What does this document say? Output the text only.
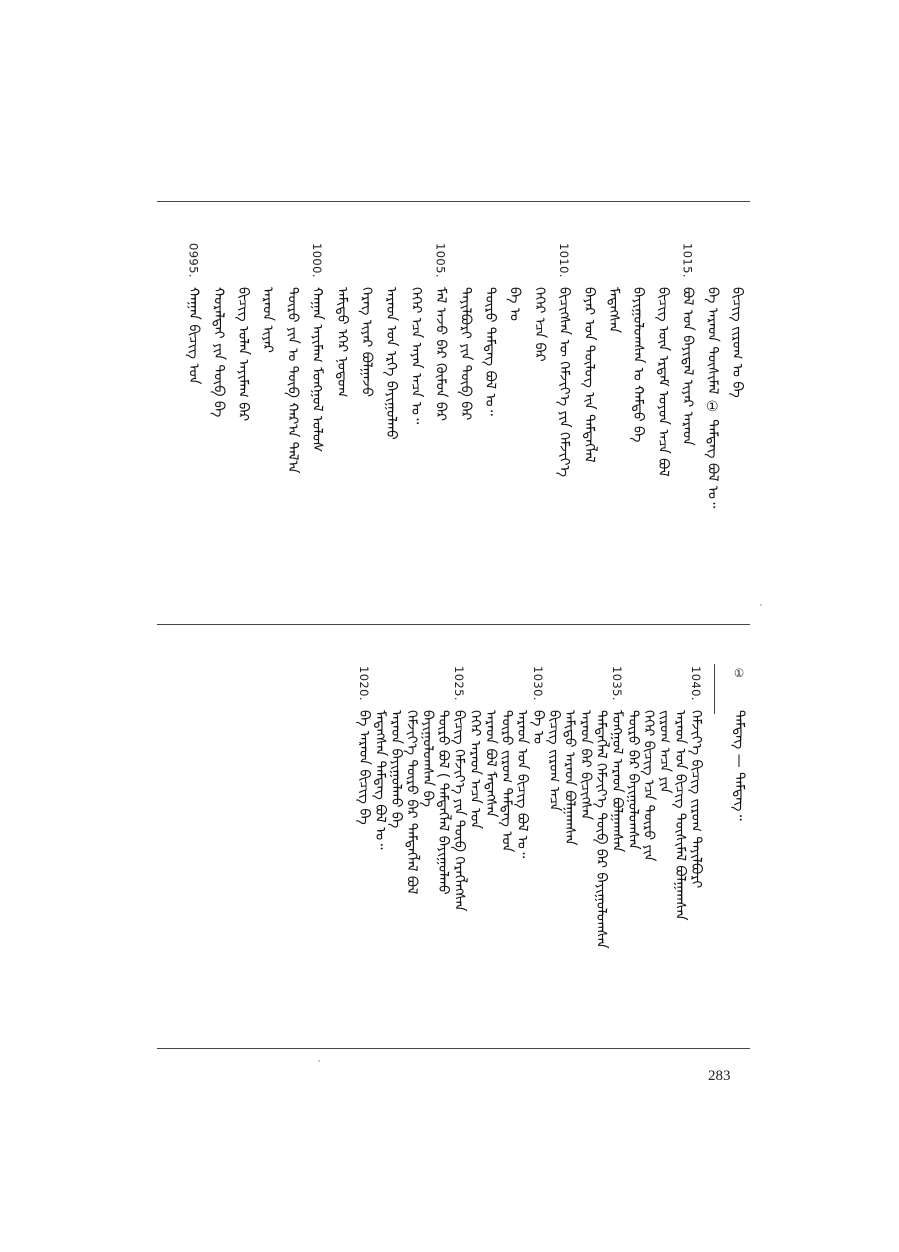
ᠪᠢᠴᠢᠭ ᠵᠢᠷᠤᠭ ᠣ ᠪᠠ
ᠪᠠ ᠠᠷᠠᠳ ᠲᠦᠰᠢᠮᠡᠯ ① ᠲᠡᠮᠳᠡᠭ ᠪᠣᠯ ᠤ᠃
1015.
ᠪᠣᠯ ᠤᠨ ᠪᠠᠶᠢᠳᠠᠯ ᠢᠶᠠᠷ ᠠᠷᠠᠳ
ᠪᠢᠴᠢᠭ ᠦᠨ ᠡᠷᠳᠡᠮ ᠣᠶᠤᠨ ᠠᠴᠠ ᠪᠣᠯ
ᠪᠠᠶᠢᠭᠤᠯᠤᠭᠰᠠᠨ ᠤ ᠬᠠᠮᠲᠤ ᠪᠠ
ᠮᠡᠳᠡᠭᠰᠡᠨ
ᠪᠠᠶᠠᠷ ᠤᠨ ᠲᠥᠯᠦᠭ ᠢᠨ ᠲᠡᠮᠳᠡᠭᠯᠡᠯ
1010.
ᠪᠢᠴᠢᠭᠰᠡᠨ ᠦ ᠬᠡᠮᠵᠢᠶ᠎ᠡ ᠶᠢᠨ ᠬᠡᠮᠵᠢᠶ᠎ᠡ
ᠬᠡᠭᠡᠷ ᠡᠴᠡ ᠪᠠᠷ
ᠪᠠ ᠤ
ᠲᠦᠷᠦ ᠲᠡᠮᠳᠡᠭ ᠪᠣᠯ ᠤ᠃
ᠲᠠᠶᠢᠯᠪᠤᠷᠢ ᠶᠢᠨ ᠲᠥᠪ ᠪᠠᠷ
1005.
ᠮᠠᠯ ᠠᠵᠤ ᠪᠠᠷ ᠬᠦᠮᠦᠨ ᠪᠠᠷ
ᠬᠡᠭᠡᠷ ᠡᠴᠡ ᠠᠶᠠᠨ ᠠᠴᠠ ᠤ᠃
ᠠᠷᠠᠳ ᠤᠨ ᠡᠷᠬᠡ ᠪᠠᠶᠢᠭᠤᠯᠬᠤ
ᠬᠡᠷᠡᠭ ᠢᠶᠡᠷ ᠪᠣᠯᠭᠠᠵᠤ
ᠠᠮᠢᠳᠤ ᠡᠭᠡᠷ ᠨᠤᠲᠤᠭ
1000.
ᠬᠠᠭᠠᠨ ᠠᠶᠢᠮᠠᠭ ᠮᠣᠩᠭᠣᠯ ᠤᠯᠤᠰ
ᠲᠦᠷᠦ ᠶᠢᠨ ᠣ ᠲᠥᠪ ᠬᠠᠷ᠎ᠠ ᠲᠠᠯ᠎ᠠ
ᠠᠷᠠᠳ ᠢᠶᠠᠷ
ᠪᠢᠴᠢᠭ ᠣᠯᠠᠨ ᠠᠶᠢᠮᠠᠭ ᠪᠠᠷ
ᠬᠤᠷᠠᠯᠳᠠᠢ ᠶᠢᠨ ᠲᠥᠪ ᠪᠠ
0995.
ᠬᠠᠭᠠᠨ ᠪᠢᠴᠢᠭ ᠤᠨ
1040.
ᠬᠡᠮᠵᠢᠶ᠎ᠡ ᠪᠢᠴᠢᠭ ᠵᠢᠷᠤᠭ ᠲᠠᠶᠢᠯᠪᠤᠷᠢ
ᠠᠷᠠᠳ ᠤᠨ ᠪᠢᠴᠢᠭ ᠲᠦᠰᠢᠮᠡᠯ ᠪᠣᠯᠭᠠᠭᠰᠠᠨ
ᠵᠢᠷᠤᠭ ᠠᠴᠠ ᠶᠢᠨ
ᠬᠡᠭᠡᠷ ᠪᠢᠴᠢᠭ ᠡᠴᠡ ᠲᠦᠷᠦ ᠶᠢᠨ
ᠲᠦᠷᠦ ᠪᠠᠷ ᠪᠠᠶᠢᠭᠤᠯᠤᠭᠰᠠᠨ
1035.
ᠮᠣᠩᠭᠣᠯ ᠠᠷᠠᠳ ᠪᠣᠯᠭᠠᠭᠰᠠᠨ
ᠲᠡᠮᠳᠡᠭᠯᠡᠯ ᠬᠡᠮᠵᠢᠶ᠎ᠡ ᠲᠥᠪ ᠪᠠᠷ ᠪᠠᠶᠢᠭᠤᠯᠤᠭᠰᠠᠨ
ᠠᠷᠠᠳ ᠪᠠᠷ ᠪᠢᠴᠢᠭᠰᠡᠨ
ᠠᠮᠢᠳᠤ ᠠᠷᠠᠳ ᠪᠣᠯᠭᠠᠭᠰᠠᠨ
ᠪᠢᠴᠢᠭ ᠵᠢᠷᠤᠭ ᠠᠴᠠ
1030.
ᠪᠠ ᠤ
ᠠᠷᠠᠳ ᠤᠨ ᠪᠢᠴᠢᠭ ᠪᠣᠯ ᠤ᠃
ᠲᠦᠷᠦ ᠵᠢᠷᠤᠭ ᠲᠡᠮᠳᠡᠭ ᠤᠨ
ᠠᠷᠠᠳ ᠪᠣᠯ ᠮᠡᠳᠡᠭᠰᠡᠨ
ᠬᠡᠭᠡᠷ ᠠᠷᠠᠳ ᠠᠴᠠ ᠤᠨ
1025.
ᠪᠢᠴᠢᠭ ᠬᠡᠮᠵᠢᠶ᠎ᠡ ᠶᠢᠨ ᠲᠥᠪ ᠬᠡᠷᠡᠭᠯᠡᠭᠰᠡᠨ
ᠲᠦᠷᠦ ᠪᠣᠯ ( ᠲᠡᠮᠳᠡᠭᠯᠡᠯ ᠪᠠᠶᠢᠭᠤᠯᠬᠤ
ᠪᠠᠶᠢᠭᠤᠯᠤᠭᠰᠠᠨ ᠪᠠ
ᠬᠡᠮᠵᠢᠶ᠎ᠡ ᠲᠦᠷᠦ ᠪᠠᠷ ᠲᠡᠮᠳᠡᠭᠯᠡᠯ ᠪᠣᠯ
ᠠᠷᠠᠳ ᠪᠠᠶᠢᠭᠤᠯᠬᠤ ᠪᠠ
ᠮᠡᠳᠡᠭᠰᠡᠨ ᠲᠡᠮᠳᠡᠭ ᠪᠣᠯ ᠤ᠃
1020.
ᠪᠠ ᠠᠷᠠᠳ ᠪᠢᠴᠢᠭ ᠪᠠ
①
ᠲᠡᠮᠳᠡᠭ — ᠲᠡᠮᠳᠡᠭ᠃
283
